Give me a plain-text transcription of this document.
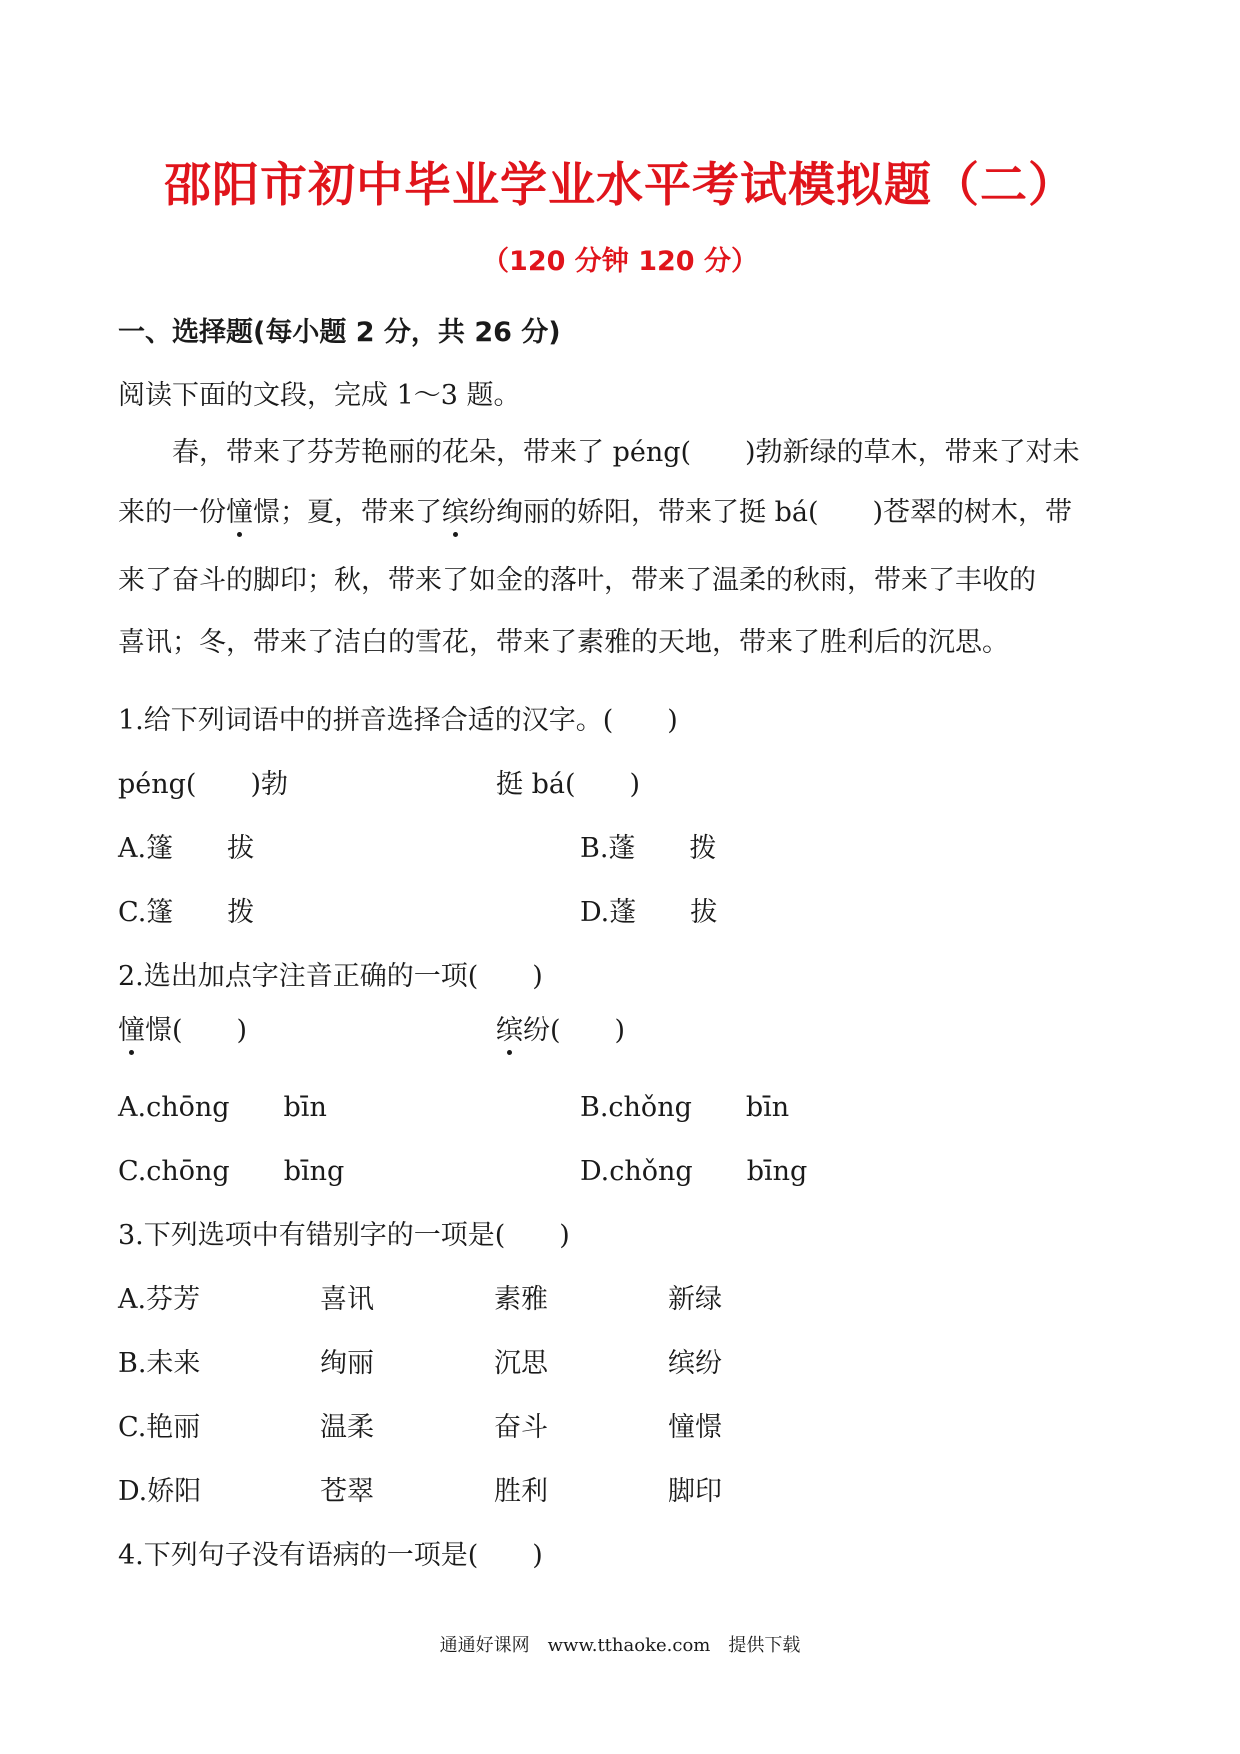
邵阳市初中毕业学业水平考试模拟题（二）
（120 分钟 120 分）
一、选择题(每小题 2 分，共 26 分)
阅读下面的文段，完成 1～3 题。

春，带来了芬芳艳丽的花朵，带来了 péng(　　)勃新绿的草木，带来了对未

来的一份憧憬；夏，带来了缤纷绚丽的娇阳，带来了挺 bá(　　)苍翠的树木，带

来了奋斗的脚印；秋，带来了如金的落叶，带来了温柔的秋雨，带来了丰收的

喜讯；冬，带来了洁白的雪花，带来了素雅的天地，带来了胜利后的沉思。

1.给下列词语中的拼音选择合适的汉字。(　　)
péng(　　)勃	挺 bá(　　)
A.篷　　拔	B.蓬　　拨
C.篷　　拨	D.蓬　　拔
2.选出加点字注音正确的一项(　　)
憧憬(　　)	缤纷(　　)
A.chōng　　bīn	B.chǒng　　bīn
C.chōng　　bīng	D.chǒng　　bīng
3.下列选项中有错别字的一项是(　　)
A.芬芳	喜讯	素雅	新绿
B.未来	绚丽	沉思	缤纷
C.艳丽	温柔	奋斗	憧憬
D.娇阳	苍翠	胜利	脚印
4.下列句子没有语病的一项是(　　)
通通好课网　www.tthaoke.com　提供下载
